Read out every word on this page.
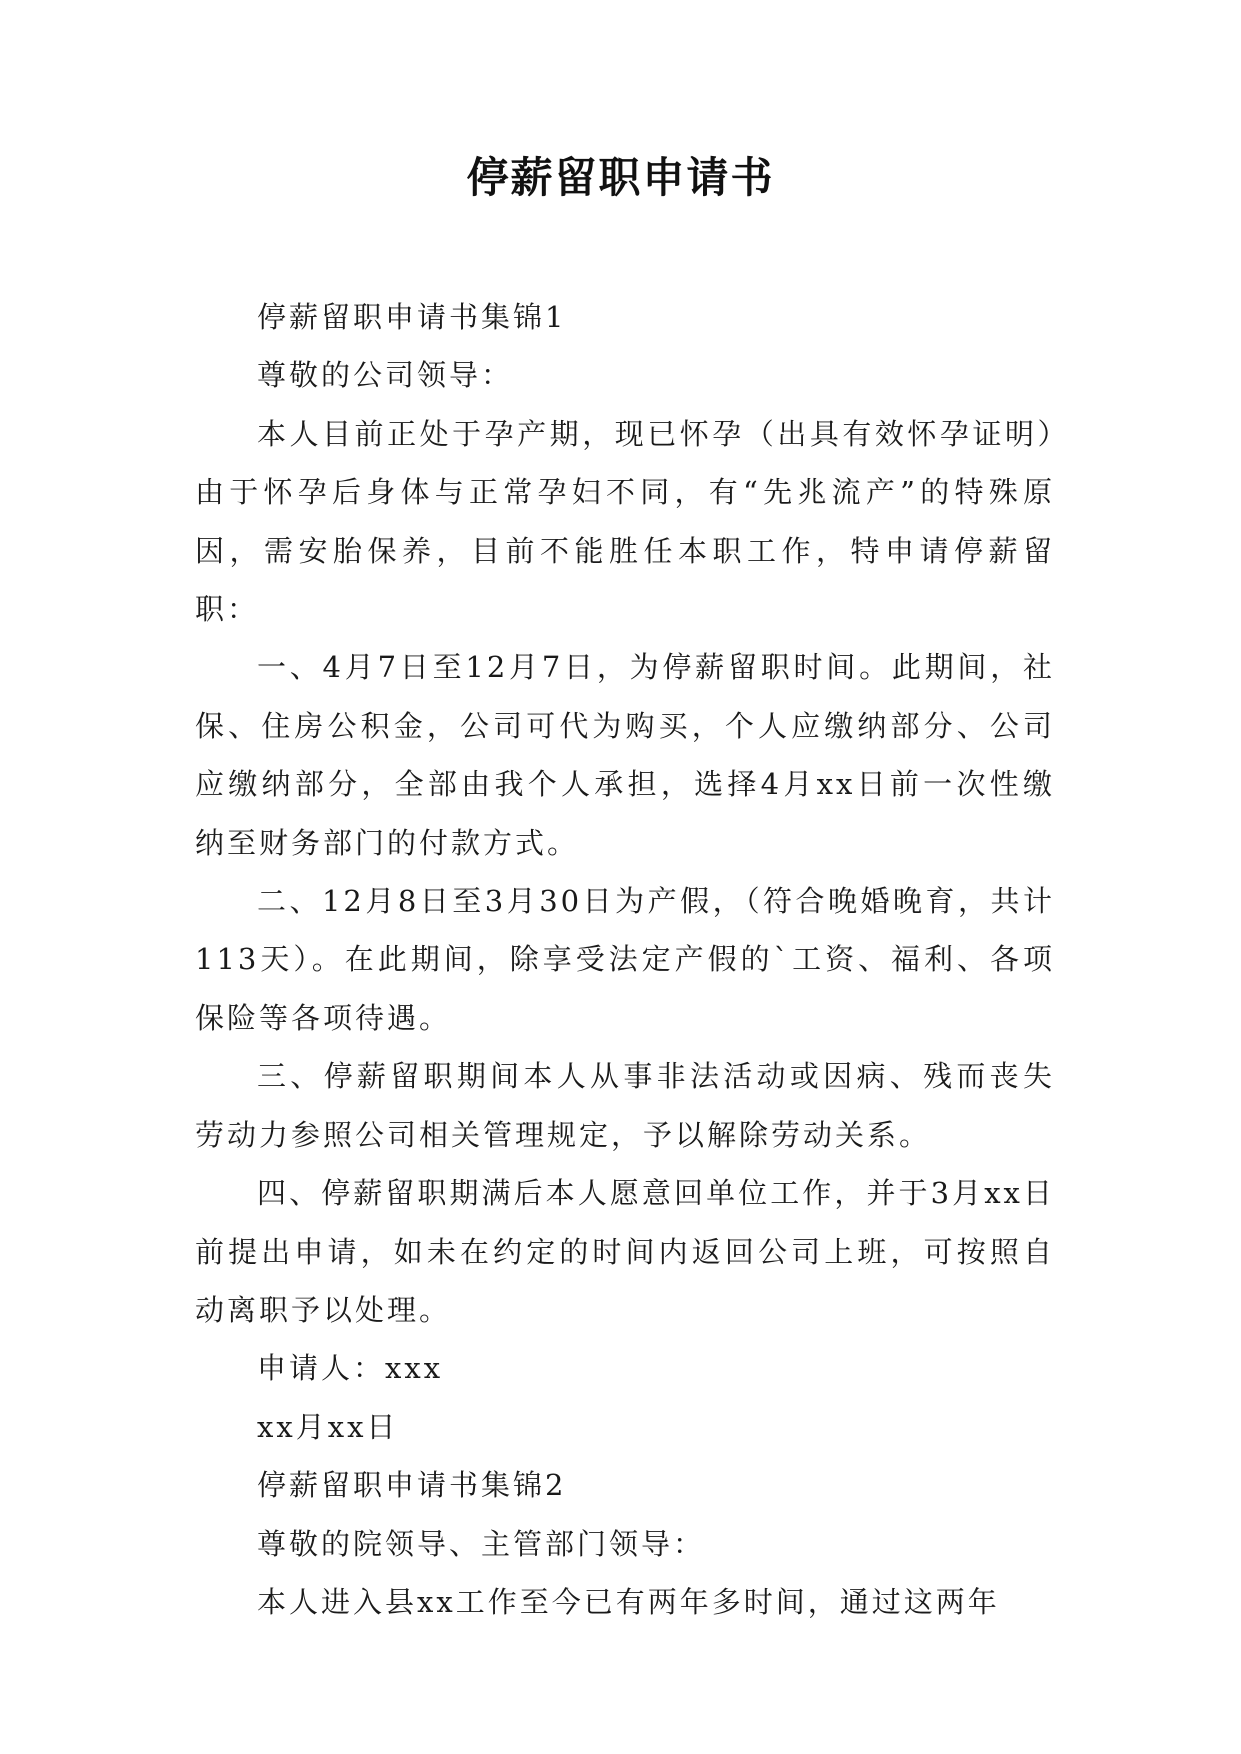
停薪留职申请书

停薪留职申请书集锦1

尊敬的公司领导：

本人目前正处于孕产期，现已怀孕（出具有效怀孕证明）由于怀孕后身体与正常孕妇不同，有“先兆流产”的特殊原因，需安胎保养，目前不能胜任本职工作，特申请停薪留职：

一、4月7日至12月7日，为停薪留职时间。此期间，社保、住房公积金，公司可代为购买，个人应缴纳部分、公司应缴纳部分，全部由我个人承担，选择4月xx日前一次性缴纳至财务部门的付款方式。

二、12月8日至3月30日为产假，（符合晚婚晚育，共计113天）。在此期间，除享受法定产假的`工资、福利、各项保险等各项待遇。

三、停薪留职期间本人从事非法活动或因病、残而丧失劳动力参照公司相关管理规定，予以解除劳动关系。

四、停薪留职期满后本人愿意回单位工作，并于3月xx日前提出申请，如未在约定的时间内返回公司上班，可按照自动离职予以处理。

申请人：xxx

xx月xx日

停薪留职申请书集锦2

尊敬的院领导、主管部门领导：

本人进入县xx工作至今已有两年多时间，通过这两年
